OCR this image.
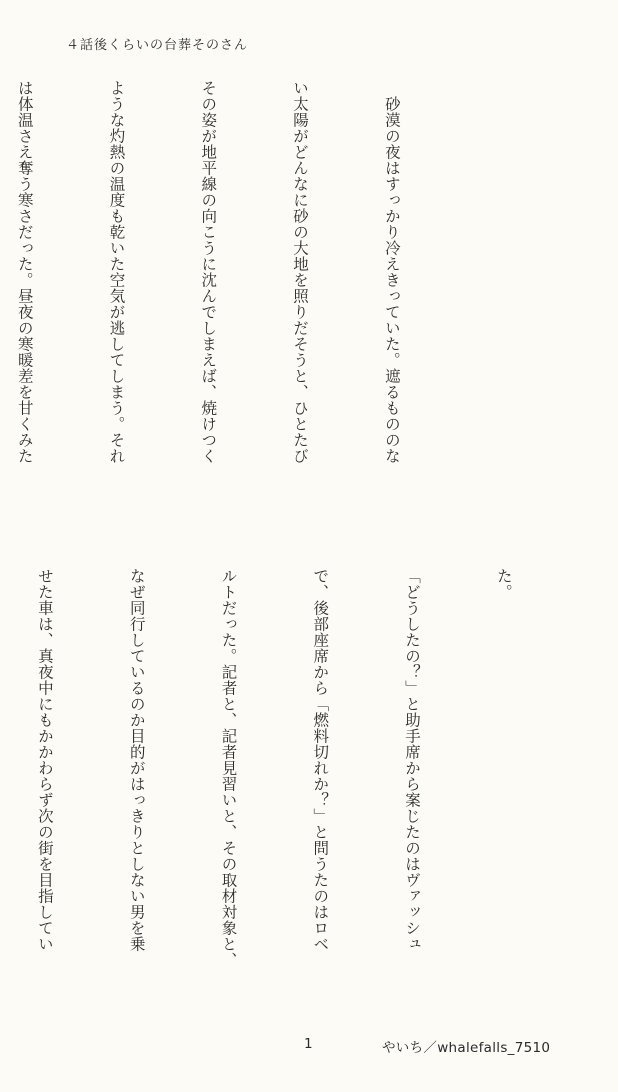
４話後くらいの台葬そのさん

　砂漠の夜はすっかり冷えきっていた。遮るもののな

い太陽がどんなに砂の大地を照りだそうと、ひとたび

その姿が地平線の向こうに沈んでしまえば、焼けつく

ような灼熱の温度も乾いた空気が逃してしまう。それ

は体温さえ奪う寒さだった。昼夜の寒暖差を甘くみた

た。

「どうしたの？」と助手席から案じたのはヴァッシュ

で、後部座席から「燃料切れか？」と問うたのはロベ

ルトだった。記者と、記者見習いと、その取材対象と、

なぜ同行しているのか目的がはっきりとしない男を乗

せた車は、真夜中にもかかわらず次の街を目指してい

1	やいち／whalefalls_7510
